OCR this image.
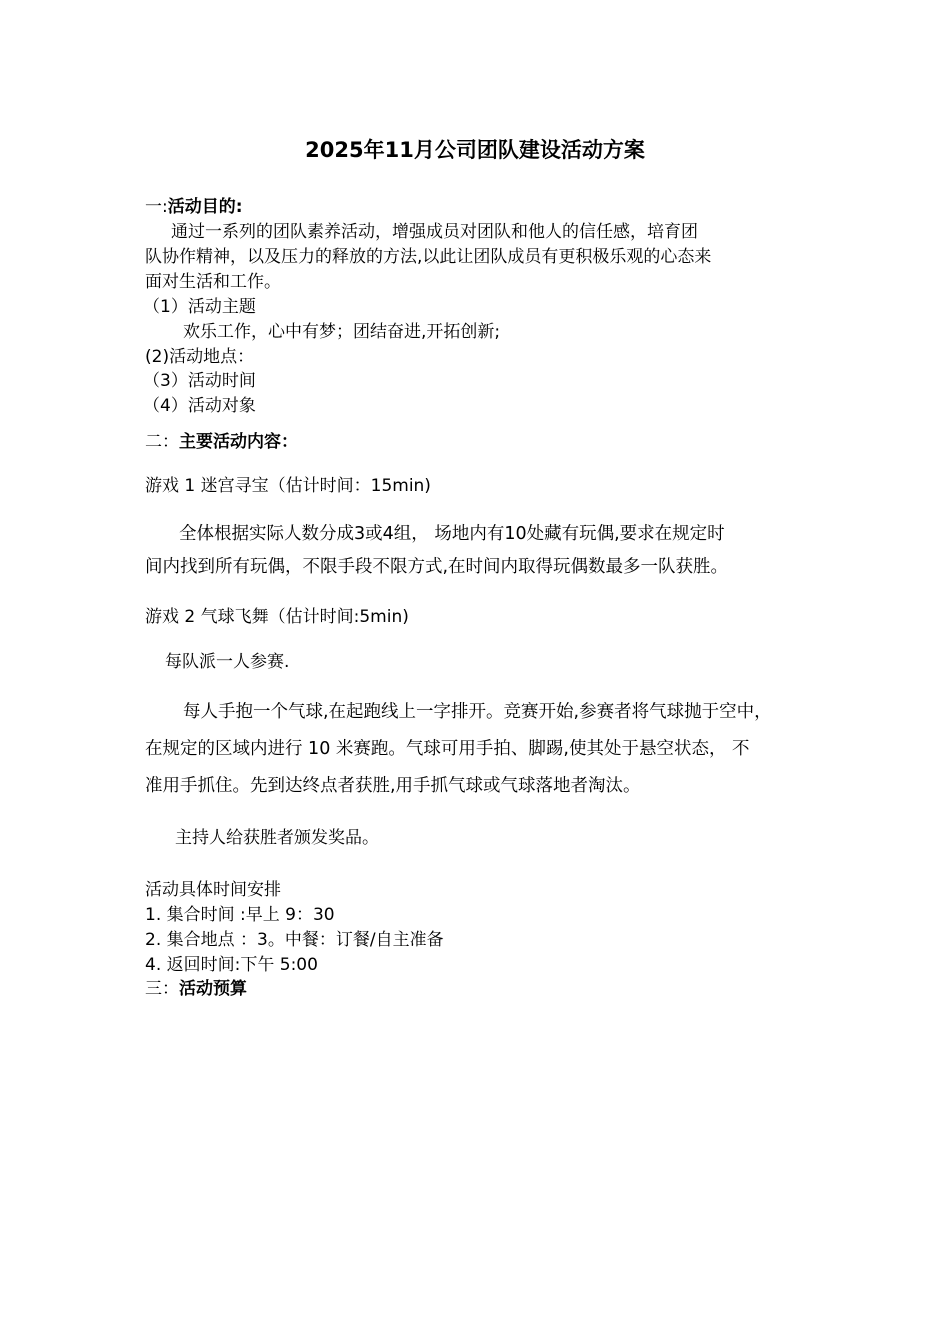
2025年11月公司团队建设活动方案
一:活动目的:
通过一系列的团队素养活动，增强成员对团队和他人的信任感，培育团
队协作精神，以及压力的释放的方法,以此让团队成员有更积极乐观的心态来
面对生活和工作。
（1）活动主题
欢乐工作，心中有梦；团结奋进,开拓创新;
(2)活动地点：
（3）活动时间
（4）活动对象
二：主要活动内容：
游戏 1 迷宫寻宝（估计时间：15min)
全体根据实际人数分成3或4组， 场地内有10处藏有玩偶,要求在规定时
间内找到所有玩偶，不限手段不限方式,在时间内取得玩偶数最多一队获胜。
游戏 2 气球飞舞（估计时间:5min)
每队派一人参赛.
每人手抱一个气球,在起跑线上一字排开。竞赛开始,参赛者将气球抛于空中，
在规定的区域内进行 10 米赛跑。气球可用手拍、脚踢,使其处于悬空状态， 不
准用手抓住。先到达终点者获胜,用手抓气球或气球落地者淘汰。
主持人给获胜者颁发奖品。
活动具体时间安排
1. 集合时间 :早上 9：30
2. 集合地点 ：3。中餐：订餐/自主准备
4. 返回时间:下午 5:00
三：活动预算
